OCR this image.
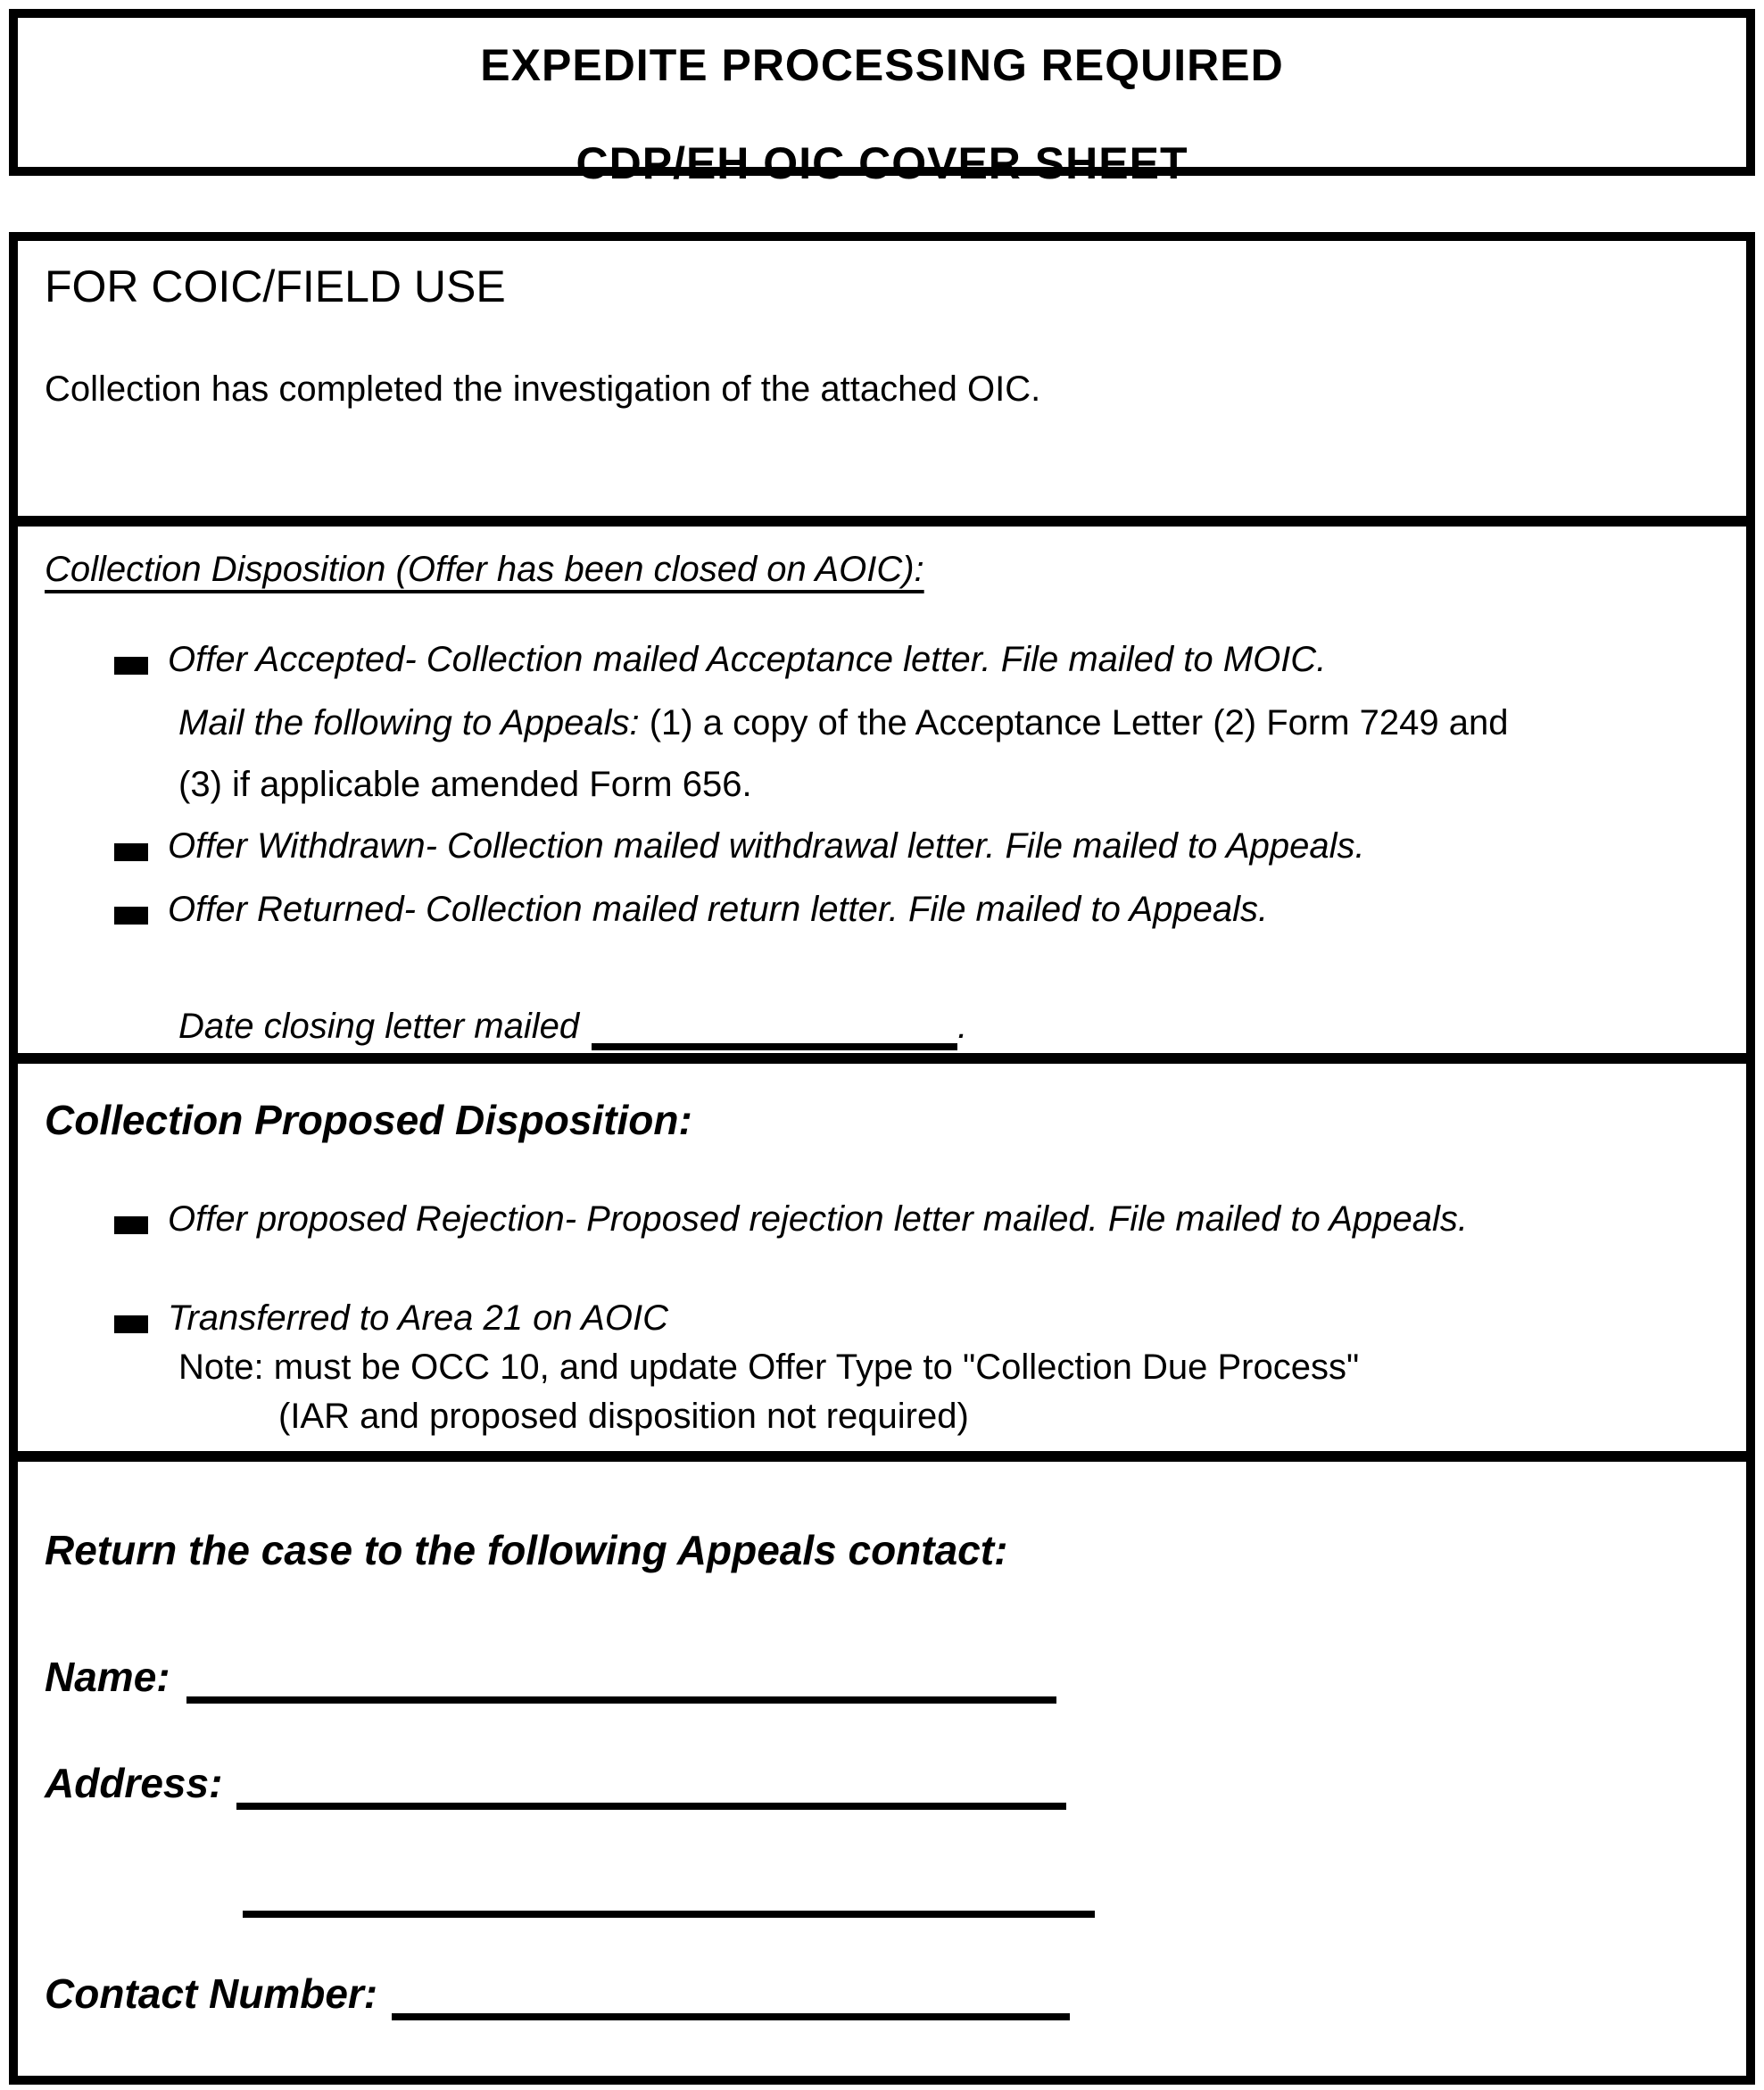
EXPEDITE PROCESSING REQUIRED
CDP/EH OIC COVER SHEET
FOR COIC/FIELD USE
Collection has completed the investigation of the attached OIC.
Collection Disposition (Offer has been closed on AOIC):
Offer Accepted- Collection mailed Acceptance letter. File mailed to MOIC.
Mail the following to Appeals: (1) a copy of the Acceptance Letter (2) Form 7249 and
(3) if applicable amended Form 656.
Offer Withdrawn- Collection mailed withdrawal letter. File mailed to Appeals.
Offer Returned- Collection mailed return letter. File mailed to Appeals.
Date closing letter mailed	.
Collection Proposed Disposition:
Offer proposed Rejection- Proposed rejection letter mailed. File mailed to Appeals.
Transferred to Area 21 on AOIC
Note: must be OCC 10, and update Offer Type to "Collection Due Process"
(IAR and proposed disposition not required)
Return the case to the following Appeals contact:
Name:
Address:
Contact Number:
